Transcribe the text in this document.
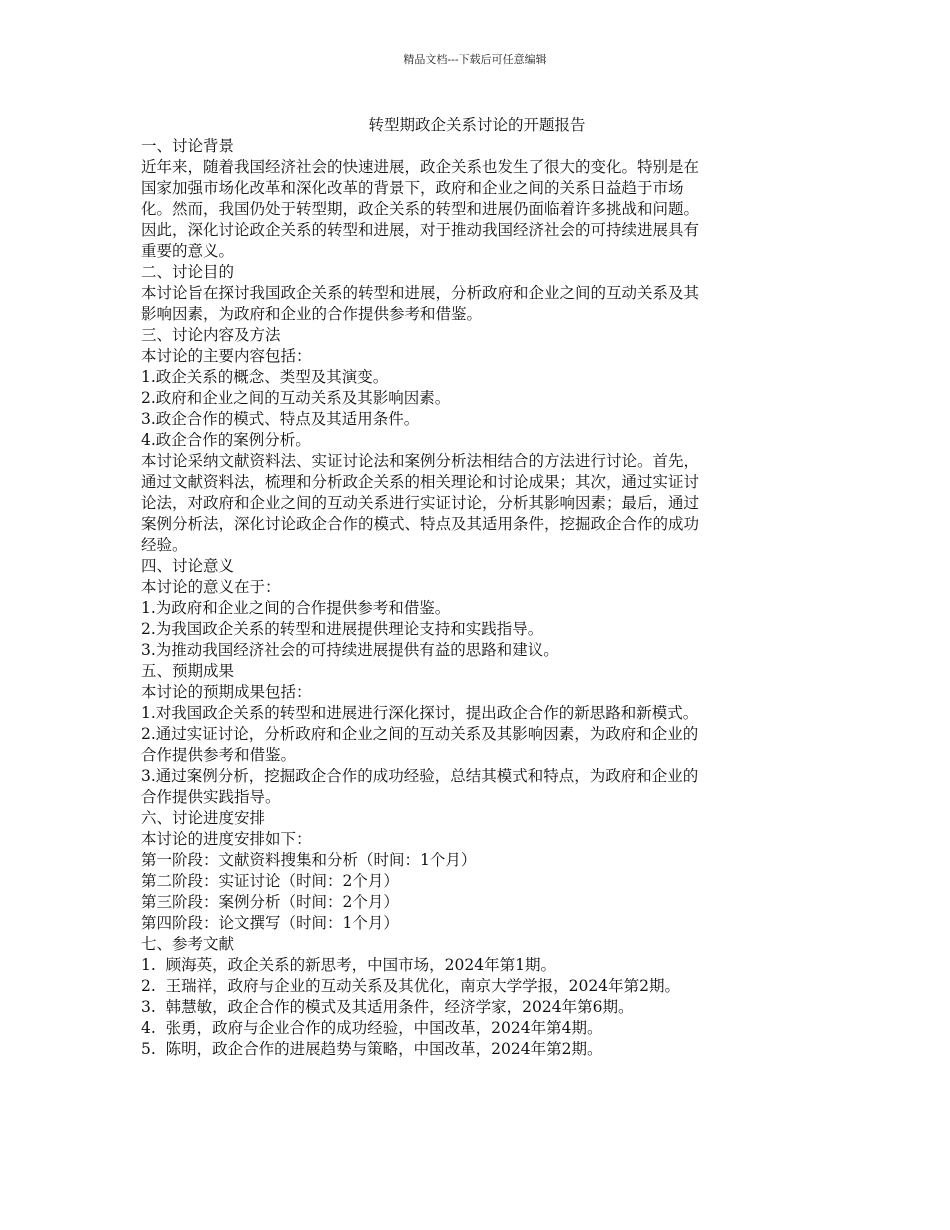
精品文档---下载后可任意编辑
转型期政企关系讨论的开题报告
一、讨论背景
近年来，随着我国经济社会的快速进展，政企关系也发生了很大的变化。特别是在
国家加强市场化改革和深化改革的背景下，政府和企业之间的关系日益趋于市场
化。然而，我国仍处于转型期，政企关系的转型和进展仍面临着许多挑战和问题。
因此，深化讨论政企关系的转型和进展，对于推动我国经济社会的可持续进展具有
重要的意义。
二、讨论目的
本讨论旨在探讨我国政企关系的转型和进展，分析政府和企业之间的互动关系及其
影响因素，为政府和企业的合作提供参考和借鉴。
三、讨论内容及方法
本讨论的主要内容包括：
1.政企关系的概念、类型及其演变。
2.政府和企业之间的互动关系及其影响因素。
3.政企合作的模式、特点及其适用条件。
4.政企合作的案例分析。
本讨论采纳文献资料法、实证讨论法和案例分析法相结合的方法进行讨论。首先，
通过文献资料法，梳理和分析政企关系的相关理论和讨论成果；其次，通过实证讨
论法，对政府和企业之间的互动关系进行实证讨论，分析其影响因素；最后，通过
案例分析法，深化讨论政企合作的模式、特点及其适用条件，挖掘政企合作的成功
经验。
四、讨论意义
本讨论的意义在于：
1.为政府和企业之间的合作提供参考和借鉴。
2.为我国政企关系的转型和进展提供理论支持和实践指导。
3.为推动我国经济社会的可持续进展提供有益的思路和建议。
五、预期成果
本讨论的预期成果包括：
1.对我国政企关系的转型和进展进行深化探讨，提出政企合作的新思路和新模式。
2.通过实证讨论，分析政府和企业之间的互动关系及其影响因素，为政府和企业的
合作提供参考和借鉴。
3.通过案例分析，挖掘政企合作的成功经验，总结其模式和特点，为政府和企业的
合作提供实践指导。
六、讨论进度安排
本讨论的进度安排如下：
第一阶段：文献资料搜集和分析（时间：1个月）
第二阶段：实证讨论（时间：2个月）
第三阶段：案例分析（时间：2个月）
第四阶段：论文撰写（时间：1个月）
七、参考文献
1.  顾海英，政企关系的新思考，中国市场，2024年第1期。
2.  王瑞祥，政府与企业的互动关系及其优化，南京大学学报，2024年第2期。
3.  韩慧敏，政企合作的模式及其适用条件，经济学家，2024年第6期。
4.  张勇，政府与企业合作的成功经验，中国改革，2024年第4期。
5.  陈明，政企合作的进展趋势与策略，中国改革，2024年第2期。
